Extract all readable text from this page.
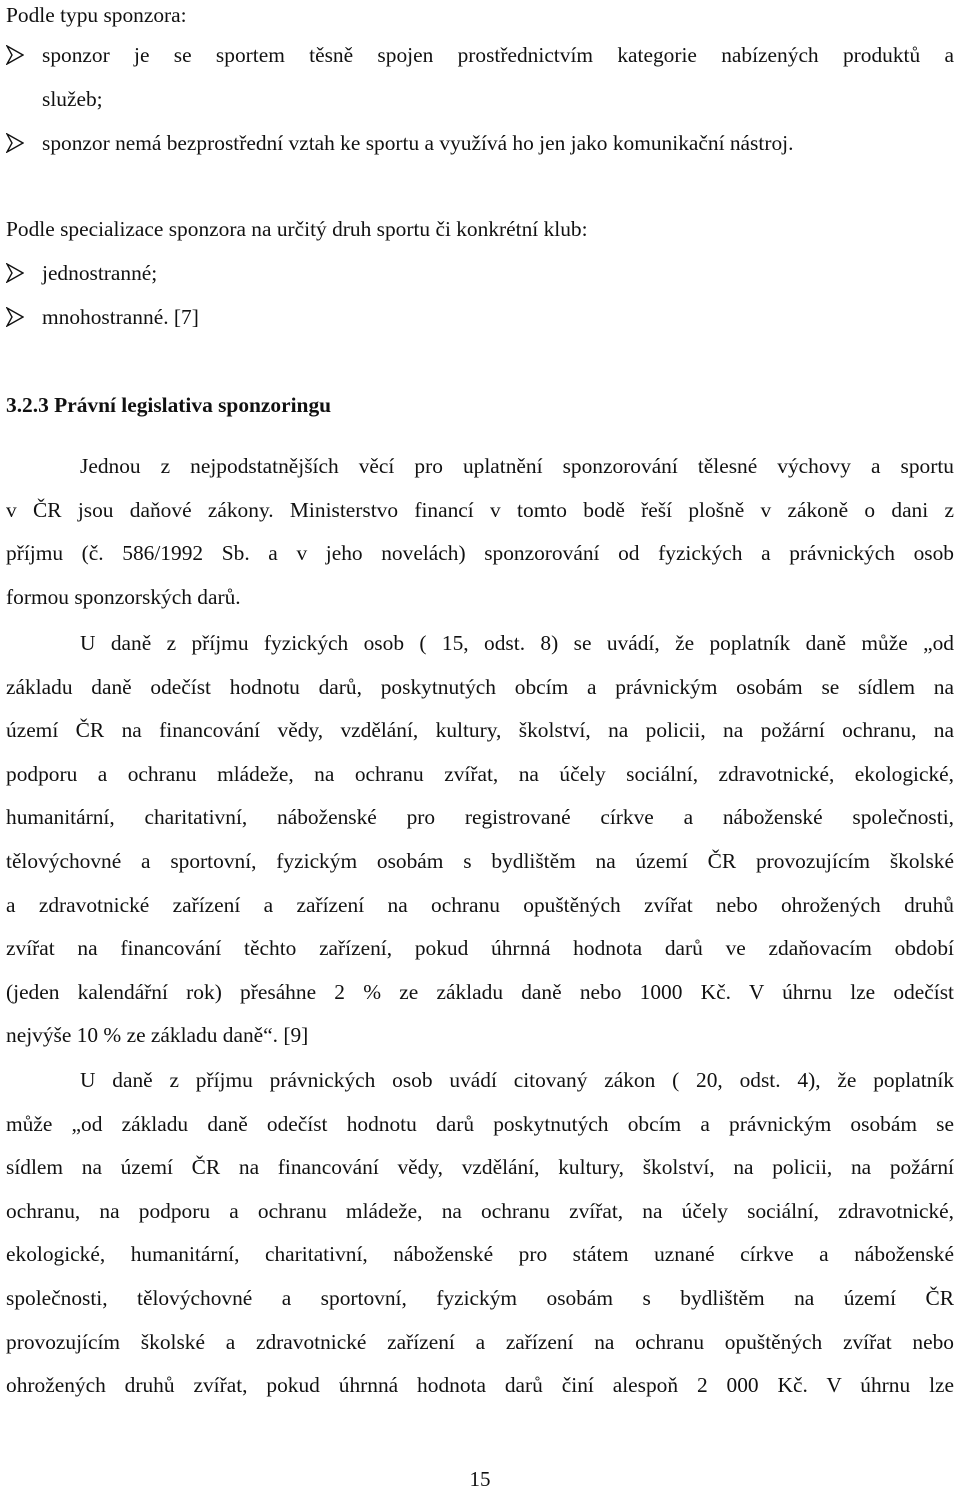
Podle typu sponzora:
sponzor je se sportem těsně spojen prostřednictvím kategorie nabízených produktů a
služeb;
sponzor nemá bezprostřední vztah ke sportu a využívá ho jen jako komunikační nástroj.
Podle specializace sponzora na určitý druh sportu či konkrétní klub:
jednostranné;
mnohostranné. [7]
3.2.3 Právní legislativa sponzoringu
Jednou z nejpodstatnějších věcí pro uplatnění sponzorování tělesné výchovy a sportu
v ČR jsou daňové zákony. Ministerstvo financí v tomto bodě řeší plošně v zákoně o dani z
příjmu (č. 586/1992 Sb. a v jeho novelách) sponzorování od fyzických a právnických osob
formou sponzorských darů.
U daně z příjmu fyzických osob ( 15, odst. 8) se uvádí, že poplatník daně může „od
základu daně odečíst hodnotu darů, poskytnutých obcím a právnickým osobám se sídlem na
území ČR na financování vědy, vzdělání, kultury, školství, na policii, na požární ochranu, na
podporu a ochranu mládeže, na ochranu zvířat, na účely sociální, zdravotnické, ekologické,
humanitární, charitativní, náboženské pro registrované církve a náboženské společnosti,
tělovýchovné a sportovní, fyzickým osobám s bydlištěm na území ČR provozujícím školské
a zdravotnické zařízení a zařízení na ochranu opuštěných zvířat nebo ohrožených druhů
zvířat na financování těchto zařízení, pokud úhrnná hodnota darů ve zdaňovacím období
(jeden kalendářní rok) přesáhne 2 % ze základu daně nebo 1000 Kč. V úhrnu lze odečíst
nejvýše 10 % ze základu daně“. [9]
U daně z příjmu právnických osob uvádí citovaný zákon ( 20, odst. 4), že poplatník
může „od základu daně odečíst hodnotu darů poskytnutých obcím a právnickým osobám se
sídlem na území ČR na financování vědy, vzdělání, kultury, školství, na policii, na požární
ochranu, na podporu a ochranu mládeže, na ochranu zvířat, na účely sociální, zdravotnické,
ekologické, humanitární, charitativní, náboženské pro státem uznané církve a náboženské
společnosti, tělovýchovné a sportovní, fyzickým osobám s bydlištěm na území ČR
provozujícím školské a zdravotnické zařízení a zařízení na ochranu opuštěných zvířat nebo
ohrožených druhů zvířat, pokud úhrnná hodnota darů činí alespoň 2 000 Kč. V úhrnu lze
15
